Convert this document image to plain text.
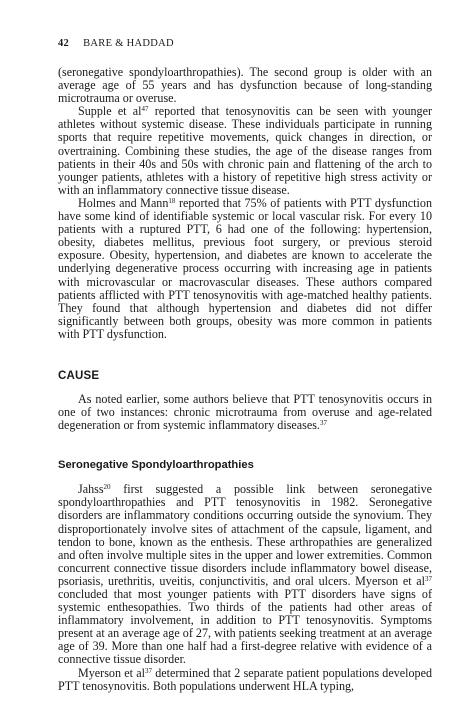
42 BARE & HADDAD

(seronegative spondyloarthropathies). The second group is older with an average age of 55 years and has dysfunction because of long-standing microtrauma or overuse.

Supple et $al^{47}$ reported that tenosynovitis can be seen with younger athletes without systemic disease. These individuals participate in running sports that require repetitive movements, quick changes in direction, or overtraining. Combining these studies, the age of the disease ranges from patients in their 40s and 50s with chronic pain and flattening of the arch to younger patients, athletes with a history of repetitive high stress activity or with an inflammatory connective tissue disease.

Holmes and Mann$^{18}$ reported that 75% of patients with PTT dysfunction have some kind of identifiable systemic or local vascular risk. For every 10 patients with a ruptured PTT, 6 had one of the following: hypertension, obesity, diabetes mellitus, previous foot surgery, or previous steroid exposure. Obesity, hypertension, and diabetes are known to accelerate the underlying degenerative process occurring with increasing age in patients with microvascular or macrovascular diseases. These authors compared patients afflicted with PTT tenosynovitis with age-matched healthy patients. They found that although hypertension and diabetes did not differ significantly between both groups, obesity was more common in patients with PTT dysfunction.

CAUSE

As noted earlier, some authors believe that PTT tenosynovitis occurs in one of two instances: chronic microtrauma from overuse and age-related degeneration or from systemic inflammatory diseases.$^{37}$

Seronegative Spondyloarthropathies

Jahss$^{20}$ first suggested a possible link between seronegative spondyloarthropathies and PTT tenosynovitis in 1982. Seronegative disorders are inflammatory conditions occurring outside the synovium. They disproportionately involve sites of attachment of the capsule, ligament, and tendon to bone, known as the enthesis. These arthropathies are generalized and often involve multiple sites in the upper and lower extremities. Common concurrent connective tissue disorders include inflammatory bowel disease, psoriasis, urethritis, uveitis, conjunctivitis, and oral ulcers. Myerson et $al^{37}$ concluded that most younger patients with PTT disorders have signs of systemic enthesopathies. Two thirds of the patients had other areas of inflammatory involvement, in addition to PTT tenosynovitis. Symptoms present at an average age of 27, with patients seeking treatment at an average age of 39. More than one half had a first-degree relative with evidence of a connective tissue disorder.

Myerson et $al^{37}$ determined that 2 separate patient populations developed PTT tenosynovitis. Both populations underwent HLA typing,
